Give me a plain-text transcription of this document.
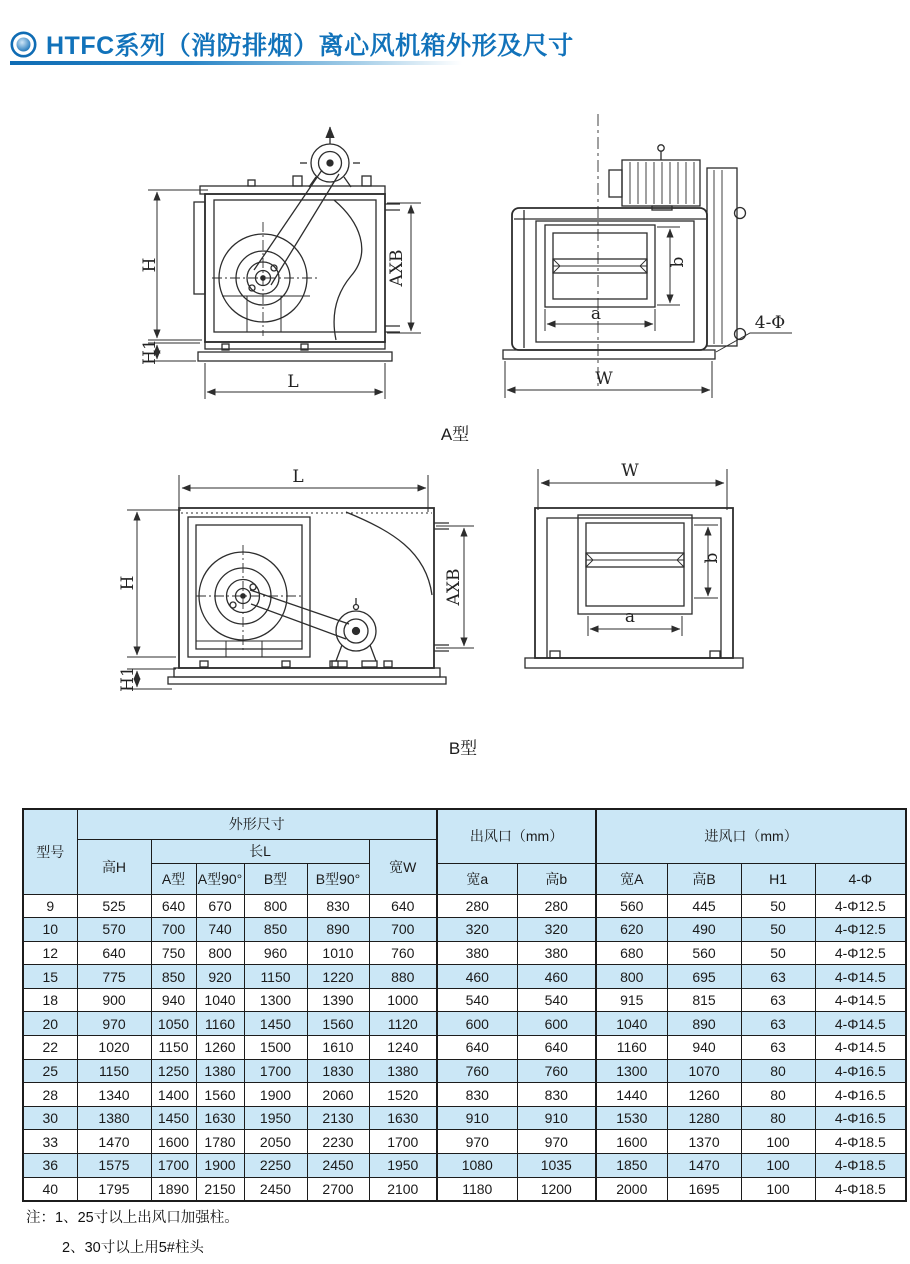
HTFC系列（消防排烟）离心风机箱外形及尺寸
H
H1
L
AXB
a
b
W
4-Φ
A型
L
H
H1
AXB
W
b
a
B型
型号	外形尺寸						出风口（mm）		进风口（mm）			
	高H	长L				宽W						
		A型	A型90°	B型	B型90°		宽a	高b	宽A	高B	H1	4-Φ
9	525	640	670	800	830	640	280	280	560	445	50	4-Φ12.5
10	570	700	740	850	890	700	320	320	620	490	50	4-Φ12.5
12	640	750	800	960	1010	760	380	380	680	560	50	4-Φ12.5
15	775	850	920	1150	1220	880	460	460	800	695	63	4-Φ14.5
18	900	940	1040	1300	1390	1000	540	540	915	815	63	4-Φ14.5
20	970	1050	1160	1450	1560	1120	600	600	1040	890	63	4-Φ14.5
22	1020	1150	1260	1500	1610	1240	640	640	1160	940	63	4-Φ14.5
25	1150	1250	1380	1700	1830	1380	760	760	1300	1070	80	4-Φ16.5
28	1340	1400	1560	1900	2060	1520	830	830	1440	1260	80	4-Φ16.5
30	1380	1450	1630	1950	2130	1630	910	910	1530	1280	80	4-Φ16.5
33	1470	1600	1780	2050	2230	1700	970	970	1600	1370	100	4-Φ18.5
36	1575	1700	1900	2250	2450	1950	1080	1035	1850	1470	100	4-Φ18.5
40	1795	1890	2150	2450	2700	2100	1180	1200	2000	1695	100	4-Φ18.5
注：1、25寸以上出风口加强柱。
2、30寸以上用5#柱头
